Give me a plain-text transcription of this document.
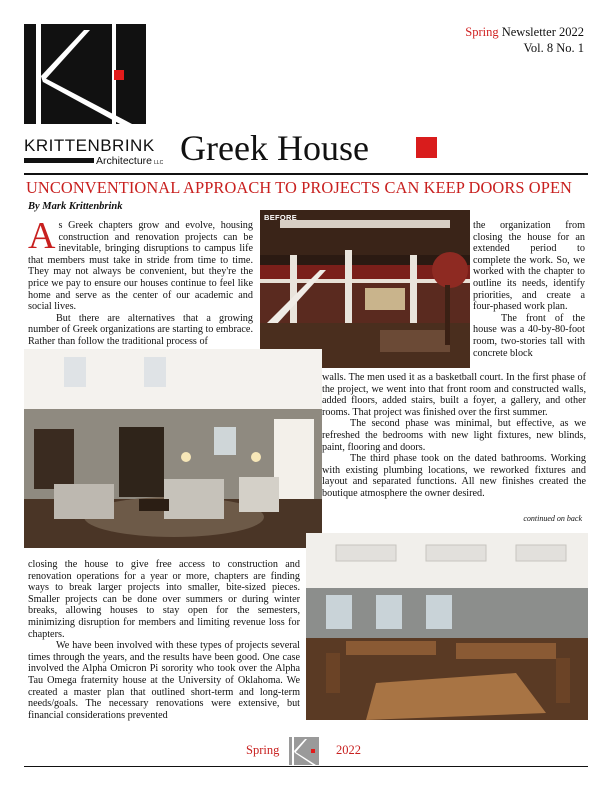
KRITTENBRINK
Architecture LLC
Spring Newsletter 2022
Vol. 8 No. 1
Greek House
UNCONVENTIONAL APPROACH TO PROJECTS CAN KEEP DOORS OPEN
By Mark Krittenbrink

As Greek chapters grow and evolve, housing construction and renovation projects can be inevitable, bringing disruptions to campus life that members must take in stride from time to time. They may not always be convenient, but they're the price we pay to ensure our houses continue to feel like home and serve as the center of our academic and social lives.

But there are alternatives that a growing number of Greek organizations are starting to embrace. Rather than follow the traditional process of

BEFORE

the organization from closing the house for an extended period to complete the work. So, we worked with the chapter to outline its needs, identify priorities, and create a four-phased work plan.

The front of the house was a 40-by-80-foot room, two-stories tall with concrete block

walls. The men used it as a basketball court. In the first phase of the project, we went into that front room and constructed walls, added floors, added stairs, built a foyer, a gallery, and other rooms. That project was finished over the first summer.

The second phase was minimal, but effective, as we refreshed the bedrooms with new light fixtures, new blinds, paint, flooring and doors.

The third phase took on the dated bathrooms. Working with existing plumbing locations, we reworked fixtures and layout and separated functions. All new finishes created the boutique atmosphere the owner desired.

continued on back

closing the house to give free access to construction and renovation operations for a year or more, chapters are finding ways to break larger projects into smaller, bite-sized pieces. Smaller projects can be done over summers or during winter breaks, allowing houses to stay open for the semesters, minimizing disruption for members and limiting revenue loss for chapters.

We have been involved with these types of projects several times through the years, and the results have been good. One case involved the Alpha Omicron Pi sorority who took over the Alpha Tau Omega fraternity house at the University of Oklahoma. We created a master plan that outlined short-term and long-term needs/goals. The necessary renovations were extensive, but financial considerations prevented

Spring	2022
